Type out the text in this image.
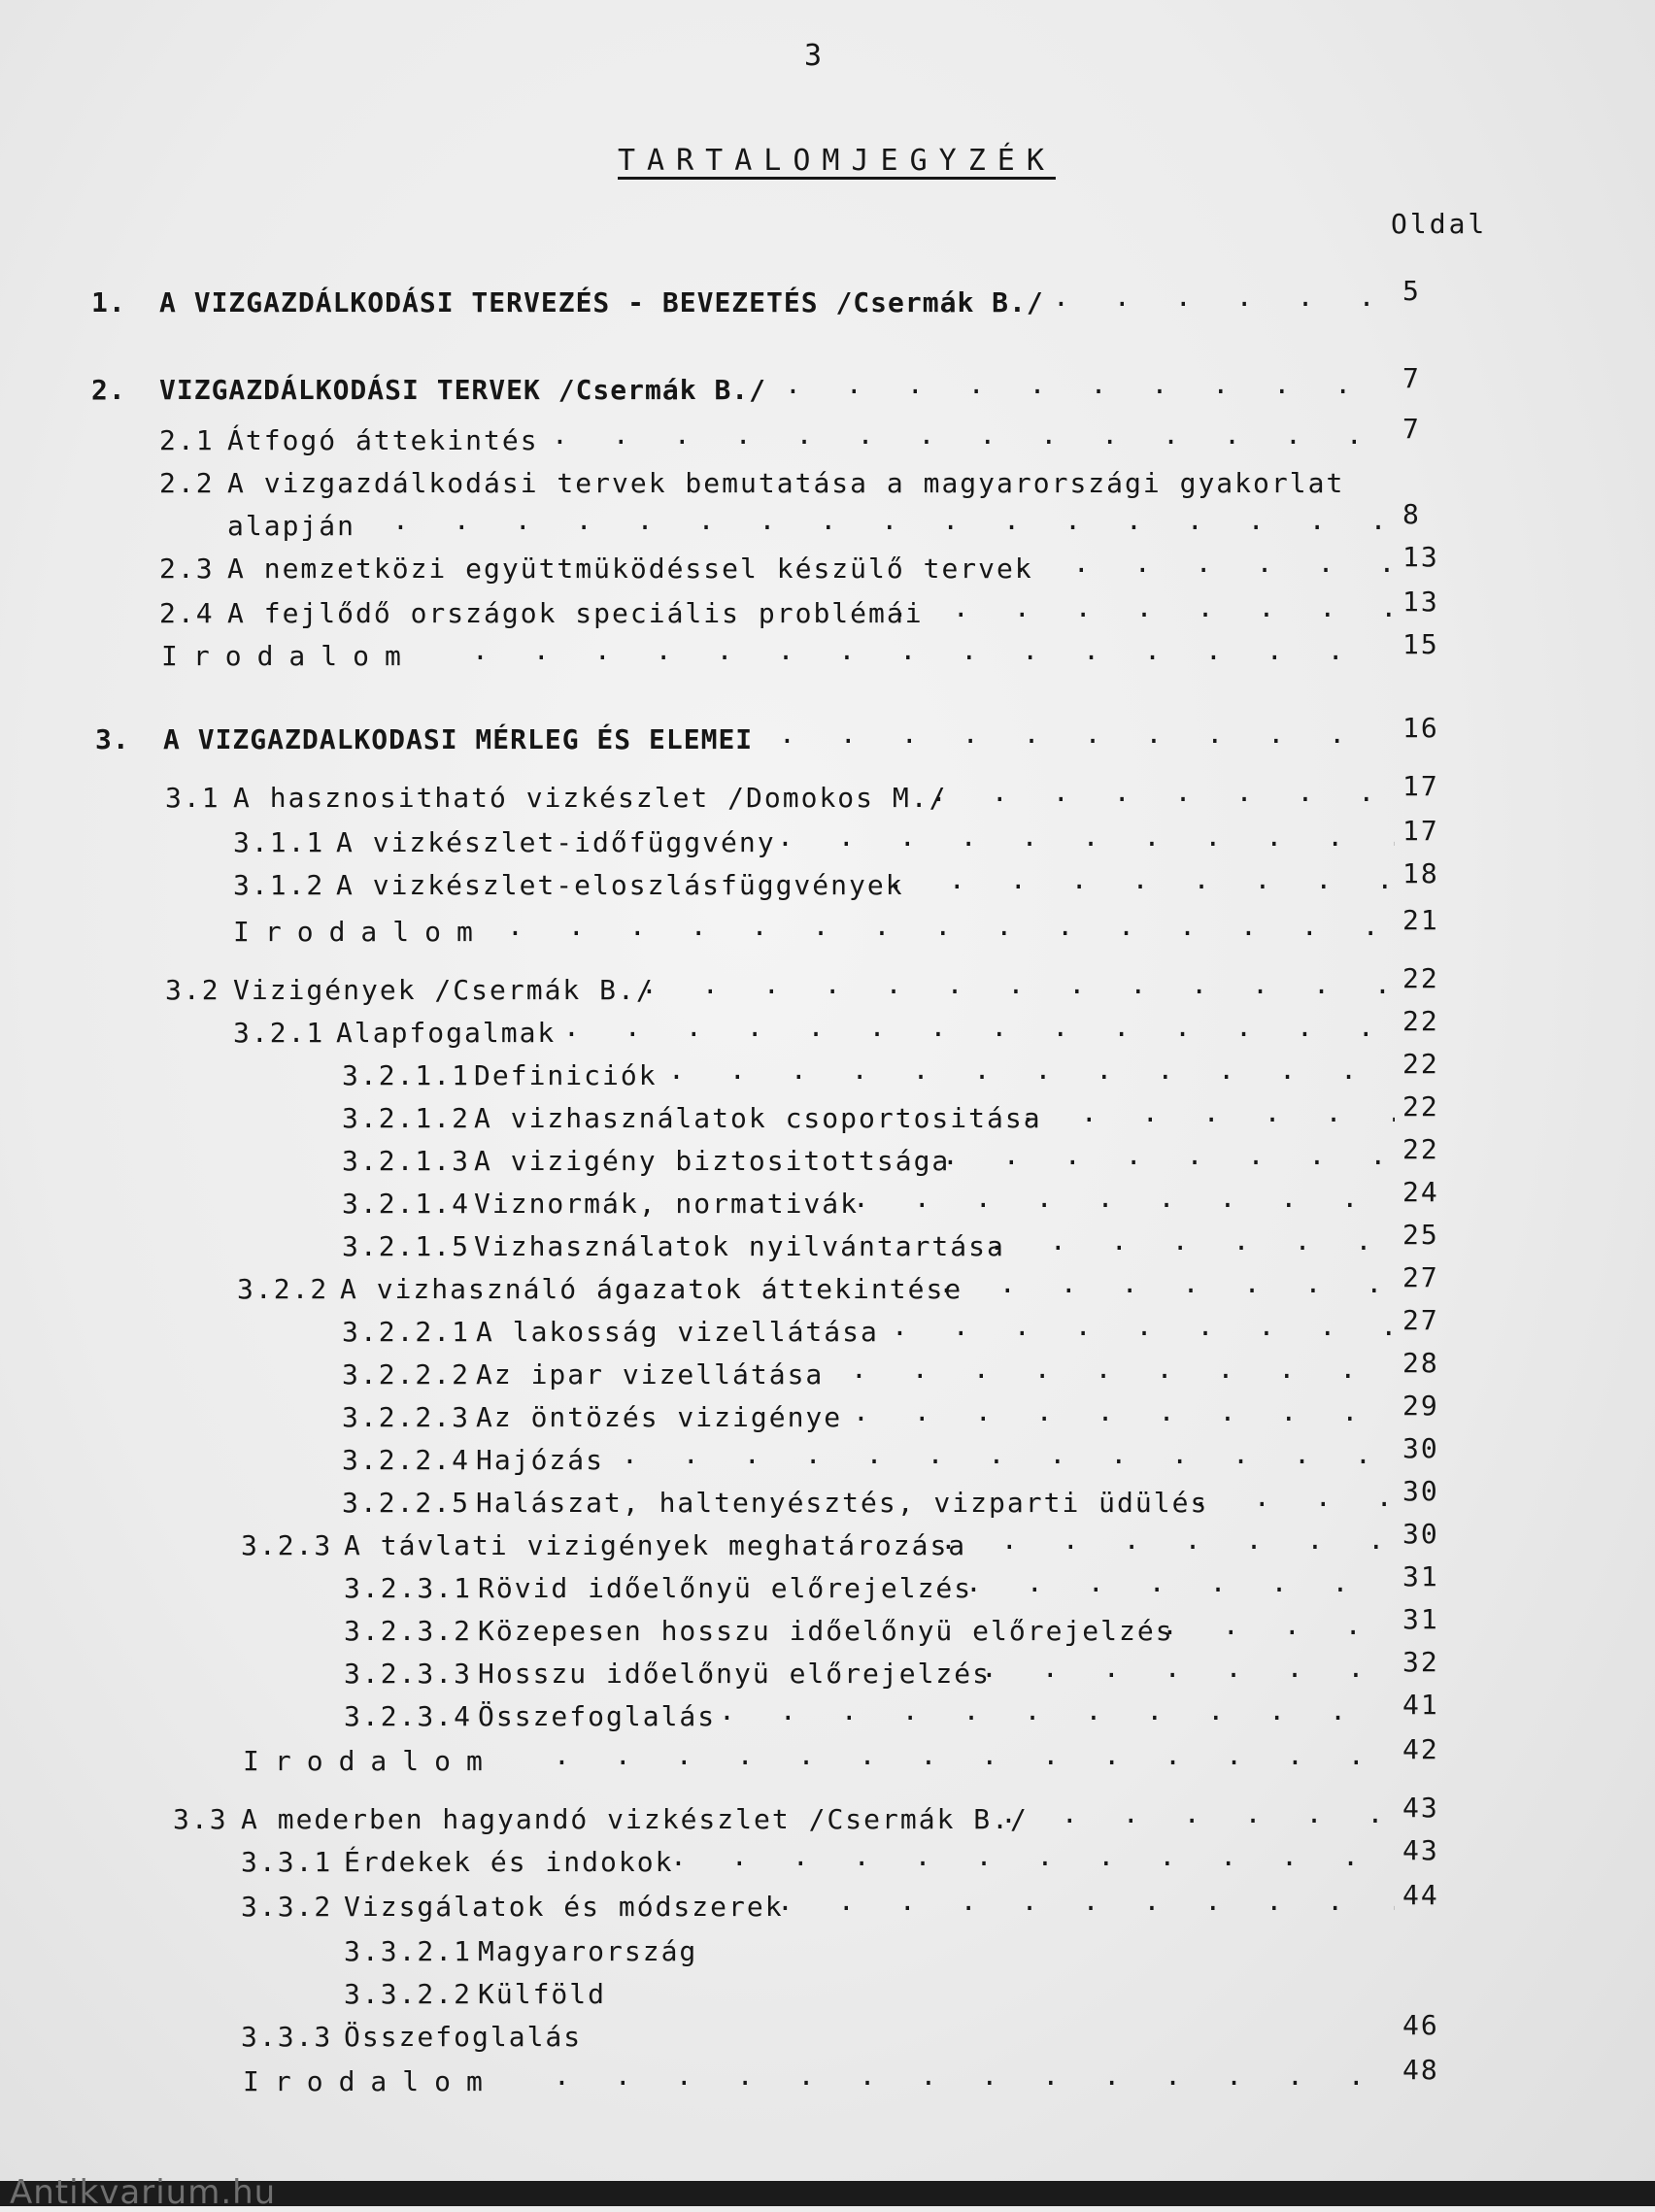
3
TARTALOMJEGYZÉK
Oldal
1. A VIZGAZDÁLKODÁSI TERVEZÉS - BEVEZETÉS /Csermák B./ . . .	5
2. VIZGAZDÁLKODÁSI TERVEK /Csermák B./ . . .	7
2.1 Átfogó áttekintés . . .	7
2.2 A vizgazdálkodási tervek bemutatása a magyarországi gyakorlat
alapján . . .	8
2.3 A nemzetközi együttmüködéssel készülő tervek . . .	13
2.4 A fejlődő országok speciális problémái . . .	13
Irodalom . . .	15
3. A VIZGAZDALKODASI MÉRLEG ÉS ELEMEI . . .	16
3.1 A hasznositható vizkészlet /Domokos M./ . . .	17
3.1.1 A vizkészlet-időfüggvény . . .	17
3.1.2 A vizkészlet-eloszlásfüggvények . . .	18
Irodalom . . .	21
3.2 Vizigények /Csermák B./ . . .	22
3.2.1 Alapfogalmak . . .	22
3.2.1.1 Definiciók . . .	22
3.2.1.2 A vizhasználatok csoportositása . . .	22
3.2.1.3 A vizigény biztositottsága . . .	22
3.2.1.4 Viznormák, normativák . . .	24
3.2.1.5 Vizhasználatok nyilvántartása . . .	25
3.2.2 A vizhasználó ágazatok áttekintése . . .	27
3.2.2.1 A lakosság vizellátása . . .	27
3.2.2.2 Az ipar vizellátása . . .	28
3.2.2.3 Az öntözés vizigénye . . .	29
3.2.2.4 Hajózás . . .	30
3.2.2.5 Halászat, haltenyésztés, vizparti üdülés . . .	30
3.2.3 A távlati vizigények meghatározása . . .	30
3.2.3.1 Rövid időelőnyü előrejelzés . . .	31
3.2.3.2 Közepesen hosszu időelőnyü előrejelzés . . .	31
3.2.3.3 Hosszu időelőnyü előrejelzés . . .	32
3.2.3.4 Összefoglalás . . .	41
Irodalom . . .	42
3.3 A mederben hagyandó vizkészlet /Csermák B./ . . .	43
3.3.1 Érdekek és indokok . . .	43
3.3.2 Vizsgálatok és módszerek . . .	44
3.3.2.1 Magyarország
3.3.2.2 Külföld
3.3.3 Összefoglalás	46
Irodalom . . .	48
Antikvarium.hu
